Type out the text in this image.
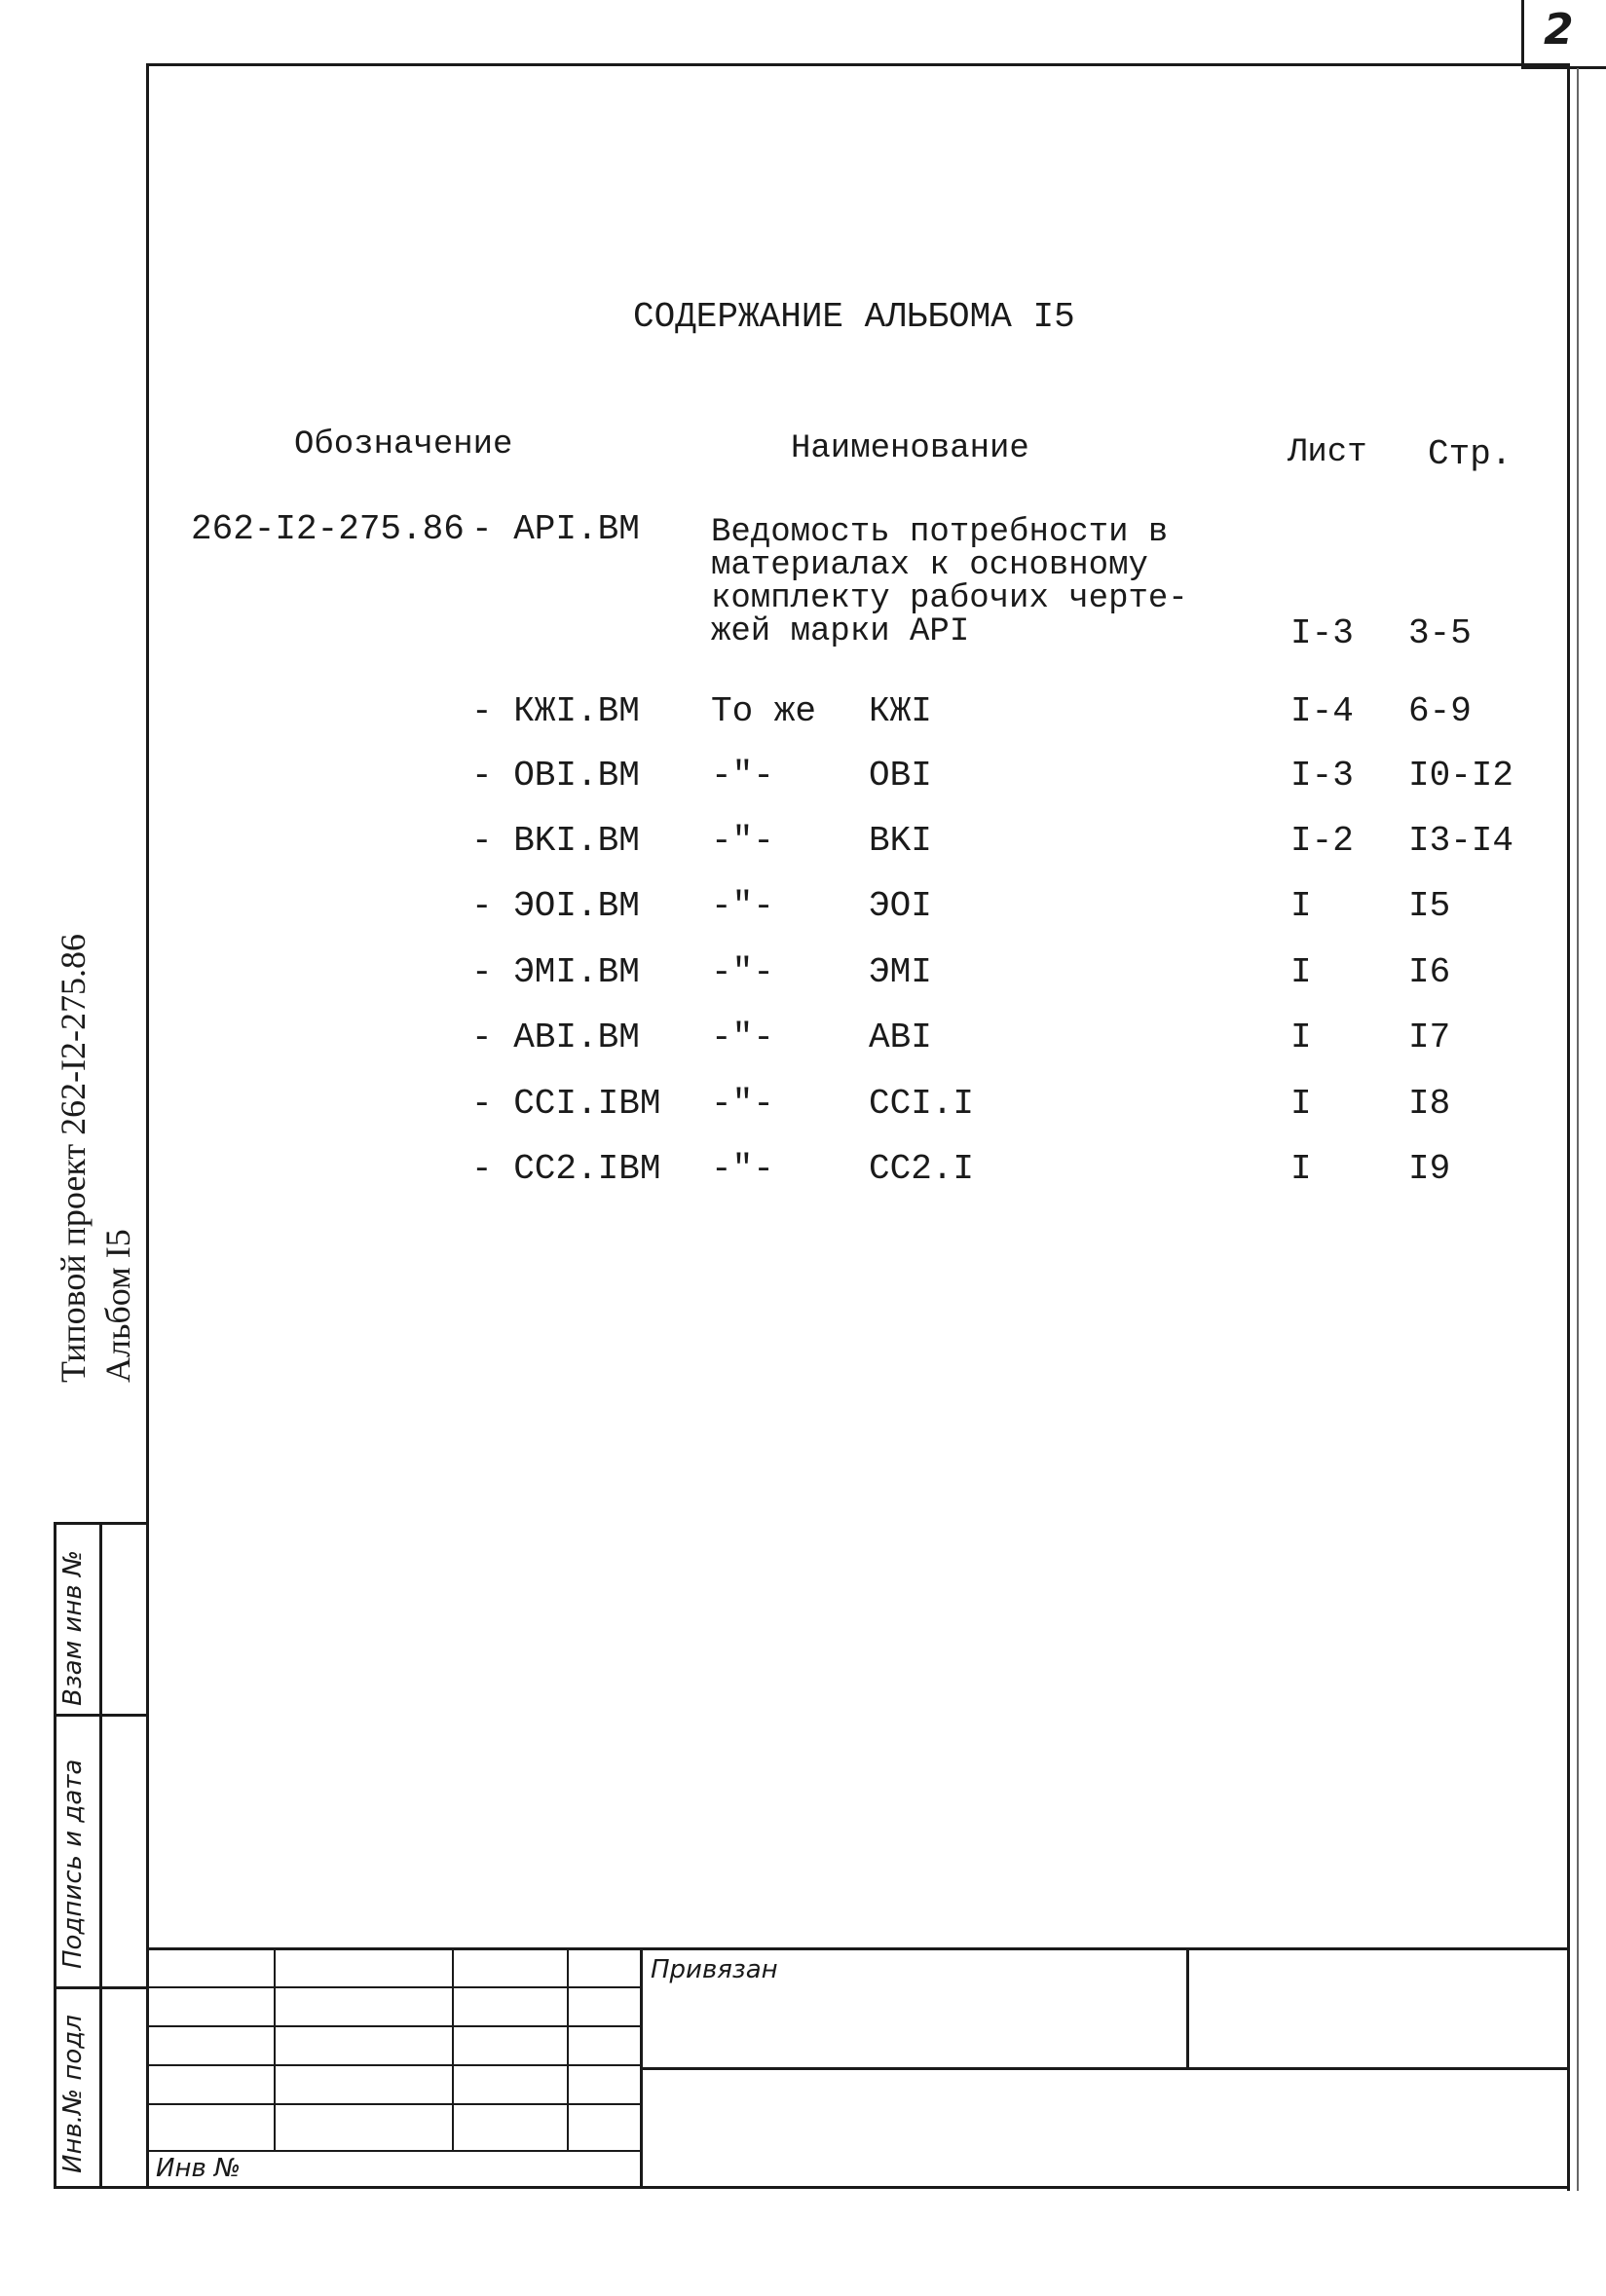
2
СОДЕРЖАНИЕ АЛЬБОМА I5
Обозначение	Наименование	Лист Стр.
262-I2-275.86 - API.BM Ведомость потребности в
материалах к основному
комплекту рабочих черте-
жей марки API	I-3 3-5
- КЖI.BM То же КЖI	I-4 6-9
- OBI.BM -"-	OBI	I-3 I0-I2
- BKI.BM -"-	BKI	I-2 I3-I4
- ЭOI.BM -"-	ЭOI	I	I5
- ЭMI.BM -"-	ЭMI	I	I6
- ABI.BM -"-	ABI	I	I7
- CCI.IBM -"-	CCI.I	I	I8
- CC2.IBM -"-	CC2.I	I	I9
Типовой проект 262-I2-275.86 Альбом I5
Взам инв №
Подпись и дата
Инв.№ подл
Привязан
Инв №
